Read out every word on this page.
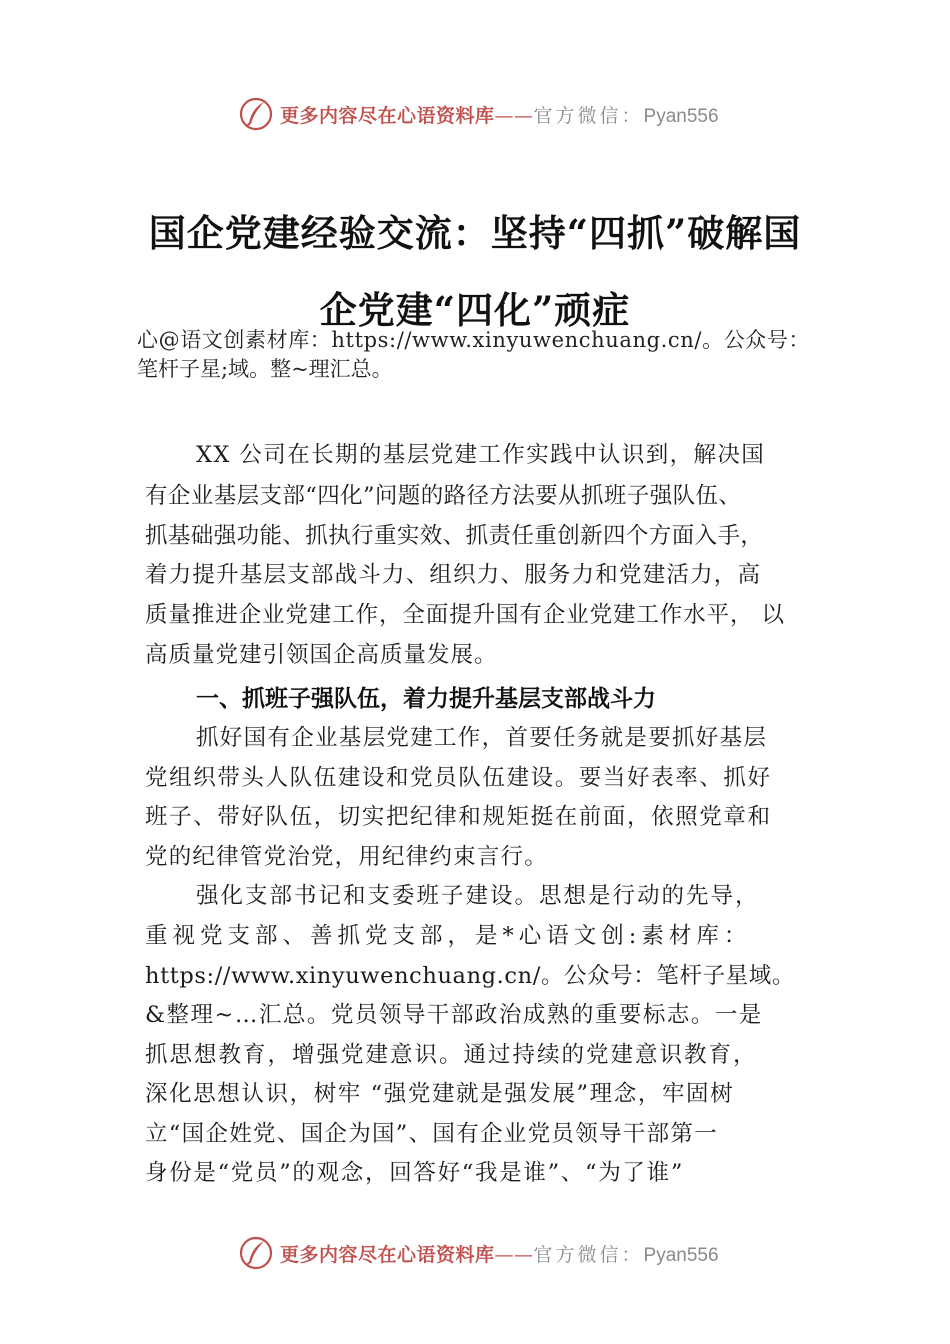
更多内容尽在心语资料库——官方微信：Pyan556
国企党建经验交流：坚持“四抓”破解国
企党建“四化”顽症
心@语文创素材库：https://www.xinyuwenchuang.cn/。公众号：
笔杆子星;域。整~理汇总。
XX 公司在长期的基层党建工作实践中认识到，解决国
有企业基层支部“四化”问题的路径方法要从抓班子强队伍、
抓基础强功能、抓执行重实效、抓责任重创新四个方面入手，
着力提升基层支部战斗力、组织力、服务力和党建活力，高
质量推进企业党建工作，全面提升国有企业党建工作水平， 以
高质量党建引领国企高质量发展。
一、抓班子强队伍，着力提升基层支部战斗力
抓好国有企业基层党建工作，首要任务就是要抓好基层
党组织带头人队伍建设和党员队伍建设。要当好表率、抓好
班子、带好队伍，切实把纪律和规矩挺在前面，依照党章和
党的纪律管党治党，用纪律约束言行。
强化支部书记和支委班子建设。思想是行动的先导，
重视党支部、善抓党支部，是*心语文创:素材库：
https://www.xinyuwenchuang.cn/。公众号：笔杆子星域。
&整理~…汇总。党员领导干部政治成熟的重要标志。一是
抓思想教育，增强党建意识。通过持续的党建意识教育，
深化思想认识，树牢 “强党建就是强发展”理念，牢固树
立“国企姓党、国企为国”、国有企业党员领导干部第一
身份是“党员”的观念，回答好“我是谁”、“为了谁”
更多内容尽在心语资料库——官方微信：Pyan556
